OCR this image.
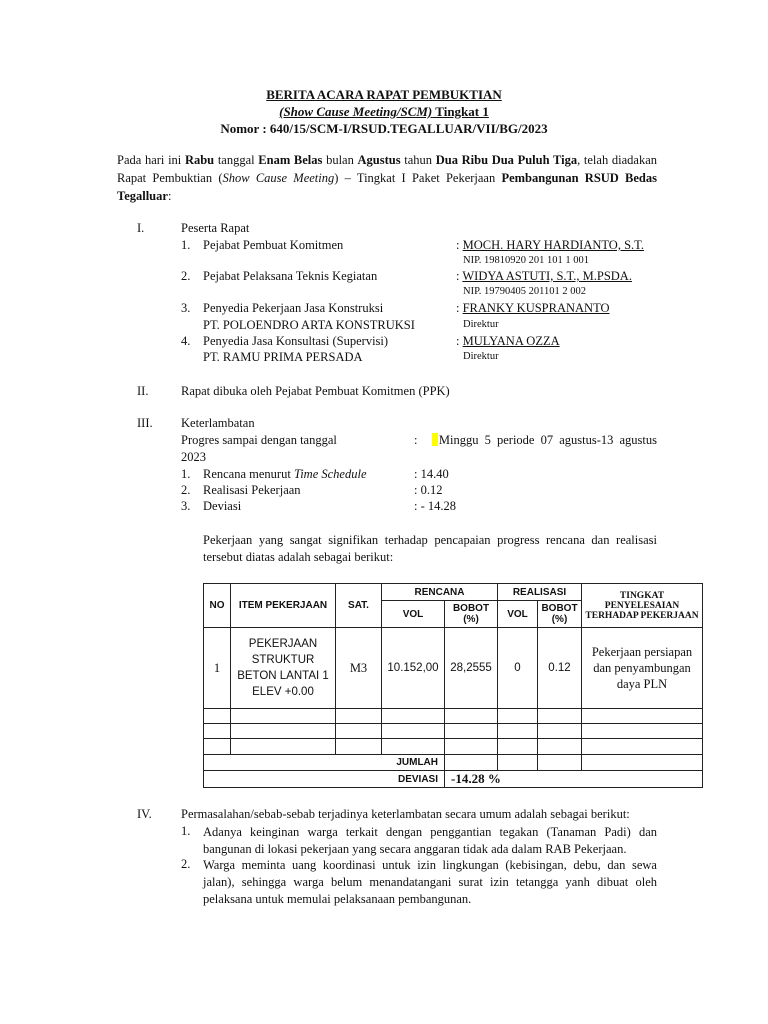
BERITA ACARA RAPAT PEMBUKTIAN
(Show Cause Meeting/SCM) Tingkat 1
Nomor : 640/15/SCM-I/RSUD.TEGALLUAR/VII/BG/2023
Pada hari ini Rabu tanggal Enam Belas bulan Agustus tahun Dua Ribu Dua Puluh Tiga, telah diadakan Rapat Pembuktian (Show Cause Meeting) – Tingkat I Paket Pekerjaan Pembangunan RSUD Bedas Tegalluar:
I.	Peserta Rapat
1. Pejabat Pembuat Komitmen	: MOCH. HARY HARDIANTO, S.T.
NIP. 19810920 201 101 1 001
2. Pejabat Pelaksana Teknis Kegiatan	: WIDYA ASTUTI, S.T., M.PSDA.
NIP. 19790405 201101 2 002
3. Penyedia Pekerjaan Jasa Konstruksi
PT. POLOENDRO ARTA KONSTRUKSI
: FRANKY KUSPRANANTO
Direktur
4. Penyedia Jasa Konsultasi (Supervisi)
PT. RAMU PRIMA PERSADA
: MULYANA OZZA
Direktur
II.	Rapat dibuka oleh Pejabat Pembuat Komitmen (PPK)
III. Keterlambatan
Progres sampai dengan tanggal	:	Minggu 5 periode 07 agustus-13 agustus
2023
1. Rencana menurut Time Schedule	: 14.40
2. Realisasi Pekerjaan	: 0.12
3. Deviasi	: - 14.28
Pekerjaan yang sangat signifikan terhadap pencapaian progress rencana dan realisasi tersebut diatas adalah sebagai berikut:
NO	ITEM PEKERJAAN	SAT.	RENCANA		REALISASI		TINGKAT PENYELESAIAN TERHADAP PEKERJAAN
			VOL	BOBOT (%)	VOL	BOBOT (%)	
1	PEKERJAAN STRUKTUR BETON LANTAI 1 ELEV +0.00	M3	10.152,00	28,2555	0	0.12	Pekerjaan persiapan dan penyambungan daya PLN

JUMLAH							
DEVIASI				-14.28 %			
IV. Permasalahan/sebab-sebab terjadinya keterlambatan secara umum adalah sebagai berikut:
1. Adanya keinginan warga terkait dengan penggantian tegakan (Tanaman Padi) dan bangunan di lokasi pekerjaan yang secara anggaran tidak ada dalam RAB Pekerjaan.
2. Warga meminta uang koordinasi untuk izin lingkungan (kebisingan, debu, dan sewa jalan), sehingga warga belum menandatangani surat izin tetangga yanh dibuat oleh pelaksana untuk memulai pelaksanaan pembangunan.
